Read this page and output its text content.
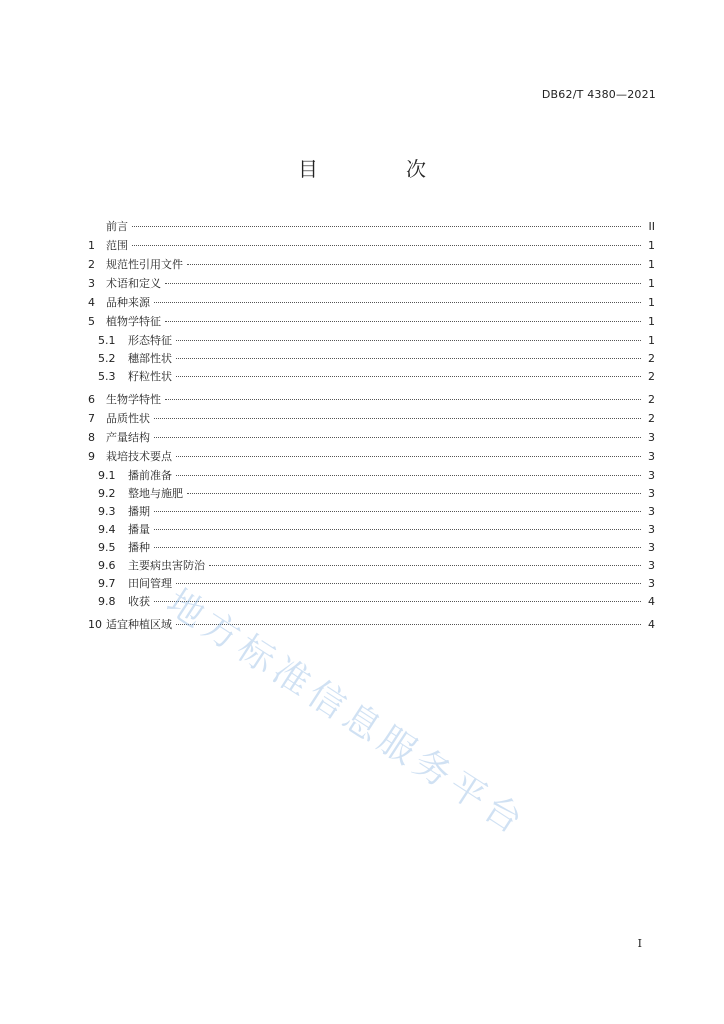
DB62/T 4380—2021
目　次
前言	II
1	范围	1
2	规范性引用文件	1
3	术语和定义	1
4	品种来源	1
5	植物学特征	1
5.1	形态特征	1
5.2	穗部性状	2
5.3	籽粒性状	2
6	生物学特性	2
7	品质性状	2
8	产量结构	3
9	栽培技术要点	3
9.1	播前准备	3
9.2	整地与施肥	3
9.3	播期	3
9.4	播量	3
9.5	播种	3
9.6	主要病虫害防治	3
9.7	田间管理	3
9.8	收获	4
10 适宜种植区域	4
地方标准信息服务平台
I
